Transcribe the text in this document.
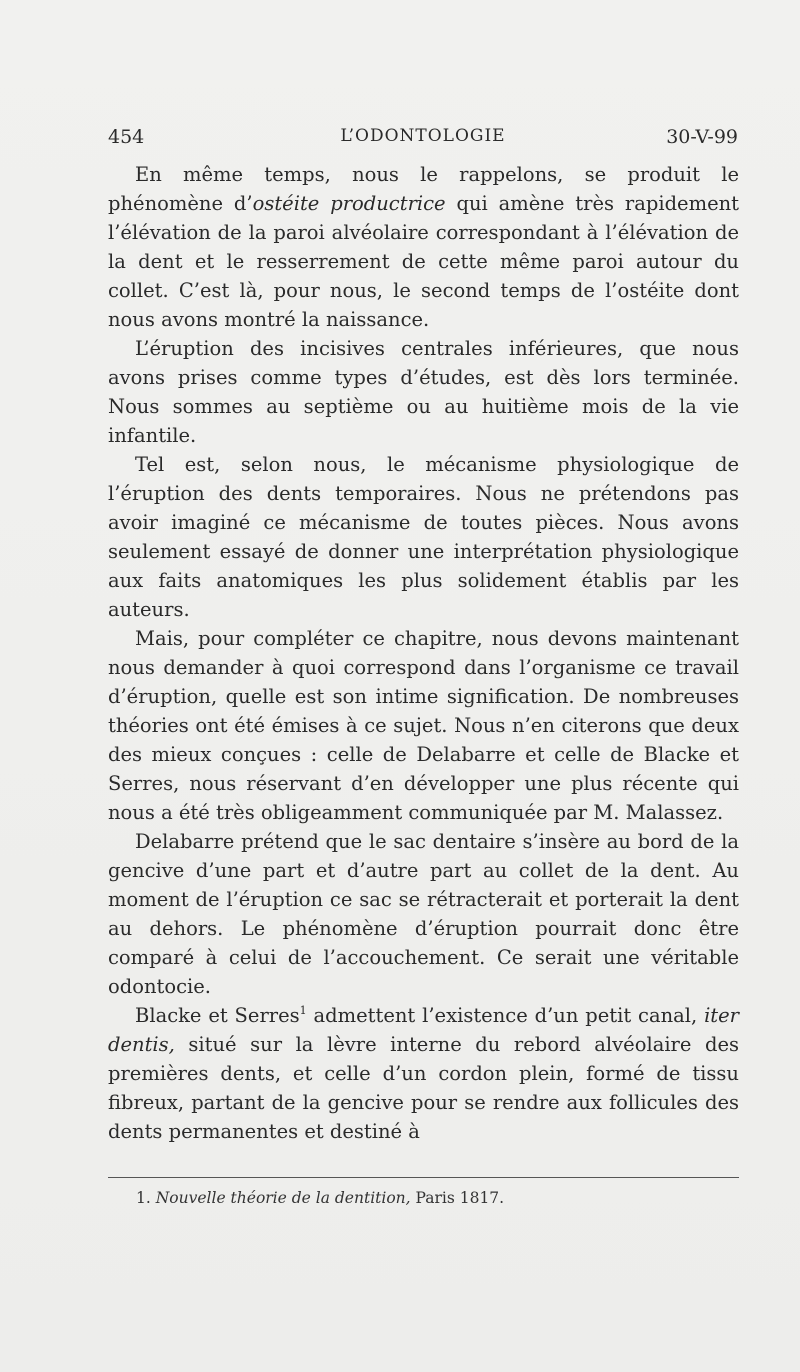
454	L’ODONTOLOGIE	30-V-99

En même temps, nous le rappelons, se produit le phénomène d’ostéite productrice qui amène très rapidement l’élévation de la paroi alvéolaire correspondant à l’élévation de la dent et le resserrement de cette même paroi autour du collet. C’est là, pour nous, le second temps de l’ostéite dont nous avons montré la naissance.

L’éruption des incisives centrales inférieures, que nous avons prises comme types d’études, est dès lors terminée. Nous sommes au septième ou au huitième mois de la vie infantile.

Tel est, selon nous, le mécanisme physiologique de l’éruption des dents temporaires. Nous ne prétendons pas avoir imaginé ce mécanisme de toutes pièces. Nous avons seulement essayé de donner une interprétation physiologique aux faits anatomiques les plus solidement établis par les auteurs.

Mais, pour compléter ce chapitre, nous devons maintenant nous demander à quoi correspond dans l’organisme ce travail d’éruption, quelle est son intime signification. De nombreuses théories ont été émises à ce sujet. Nous n’en citerons que deux des mieux conçues : celle de Delabarre et celle de Blacke et Serres, nous réservant d’en développer une plus récente qui nous a été très obligeamment communiquée par M. Malassez.

Delabarre prétend que le sac dentaire s’insère au bord de la gencive d’une part et d’autre part au collet de la dent. Au moment de l’éruption ce sac se rétracterait et porterait la dent au dehors. Le phénomène d’éruption pourrait donc être comparé à celui de l’accouchement. Ce serait une véritable odontocie.

Blacke et Serres$^1$ admettent l’existence d’un petit canal, iter dentis, situé sur la lèvre interne du rebord alvéolaire des premières dents, et celle d’un cordon plein, formé de tissu fibreux, partant de la gencive pour se rendre aux follicules des dents permanentes et destiné à

1. Nouvelle théorie de la dentition, Paris 1817.
